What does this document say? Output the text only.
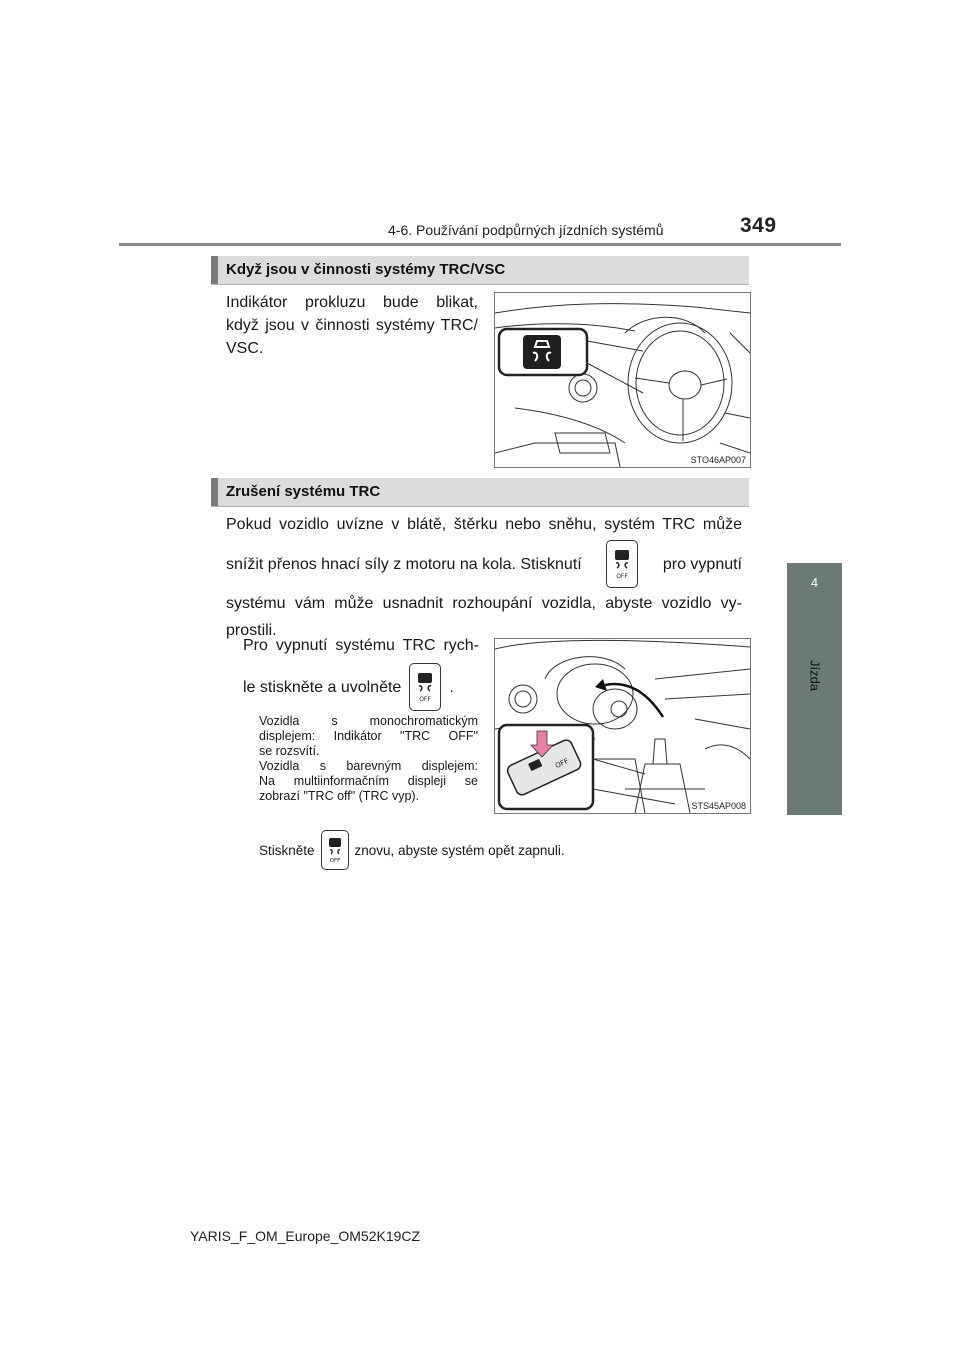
4-6. Používání podpůrných jízdních systémů	349
4
Jízda
Když jsou v činnosti systémy TRC/VSC
Indikátor prokluzu bude blikat,
když jsou v činnosti systémy TRC/
VSC.
STO46AP007
Zrušení systému TRC
Pokud vozidlo uvízne v blátě, štěrku nebo sněhu, systém TRC může
snížit přenos hnací síly z motoru na kola. Stisknutí
OFF
pro vypnutí
systému vám může usnadnit rozhoupání vozidla, abyste vozidlo vy-
prostili.
Pro vypnutí systému TRC rych-
le stiskněte a uvolněte
OFF
.
Vozidla s monochromatickým
displejem: Indikátor "TRC OFF"
se rozsvítí.
Vozidla s barevným displejem:
Na multiinformačním displeji se
zobrazí "TRC off" (TRC vyp).
OFF
STS45AP008
Stiskněte
OFF
znovu, abyste systém opět zapnuli.
YARIS_F_OM_Europe_OM52K19CZ
